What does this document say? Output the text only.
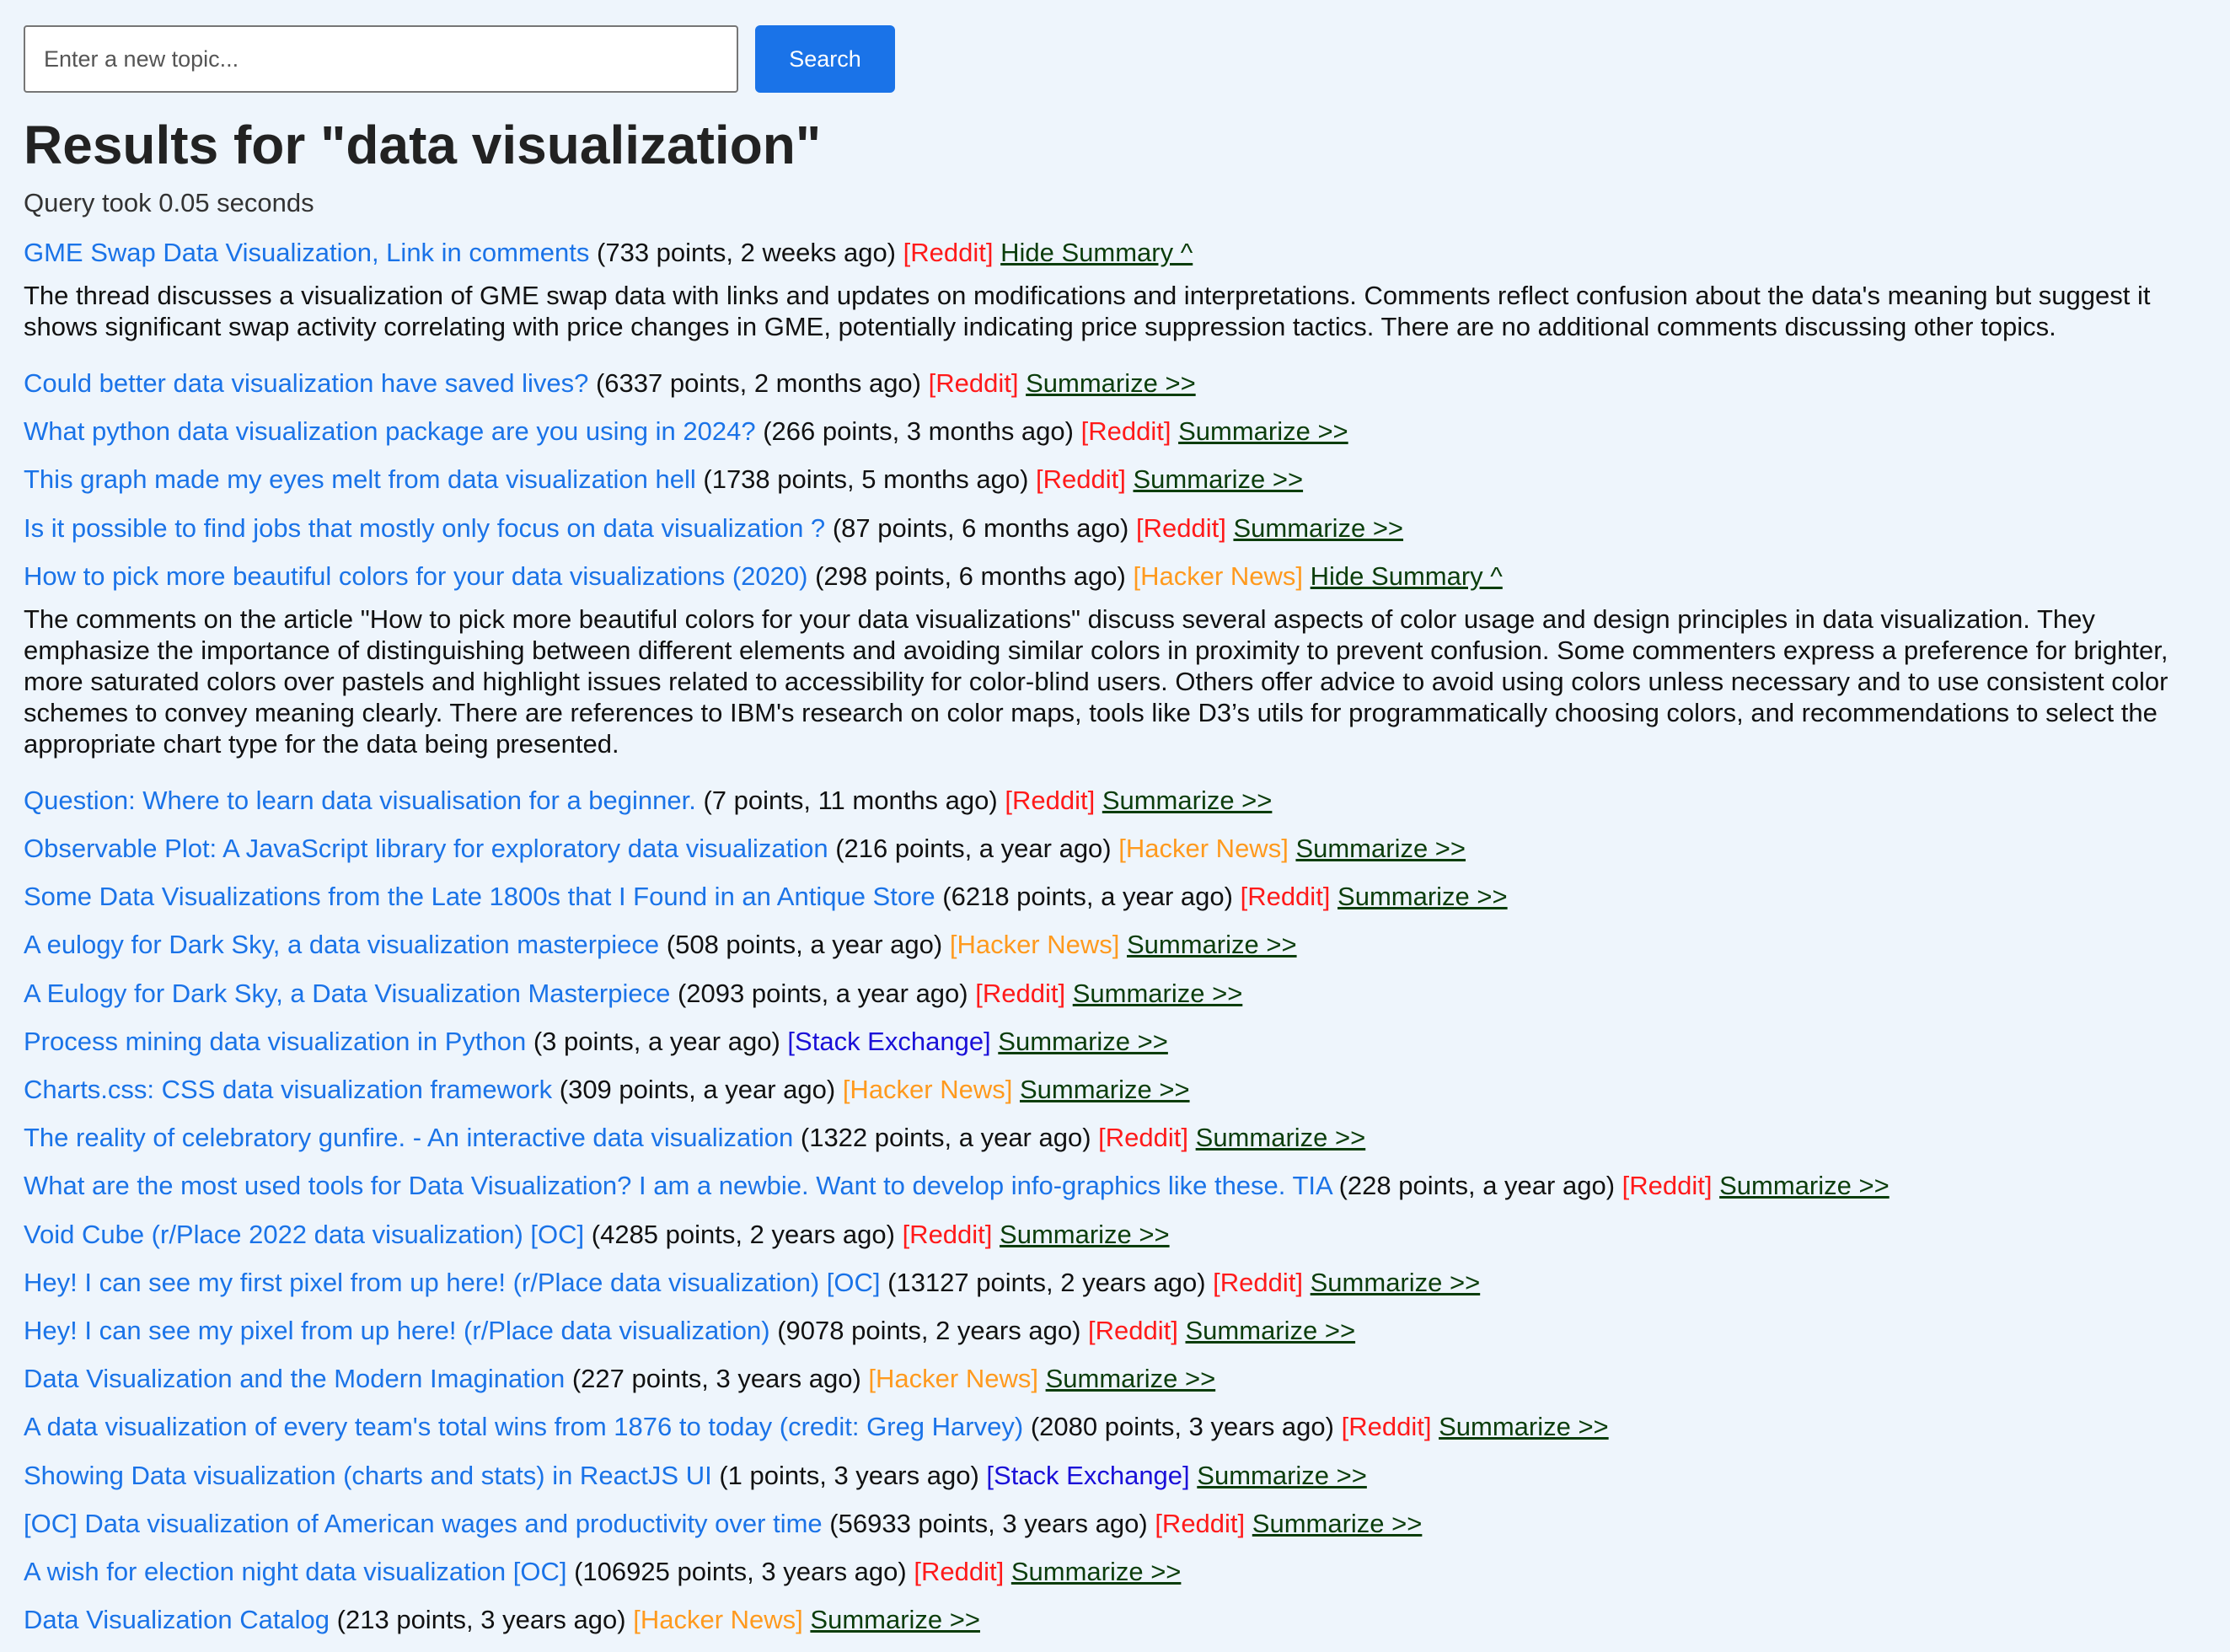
Enter a new topic...
Search
Results for "data visualization"
Query took 0.05 seconds
GME Swap Data Visualization, Link in comments (733 points, 2 weeks ago) [Reddit] Hide Summary ^
The thread discusses a visualization of GME swap data with links and updates on modifications and interpretations. Comments reflect confusion about the data's meaning but suggest it shows significant swap activity correlating with price changes in GME, potentially indicating price suppression tactics. There are no additional comments discussing other topics.
Could better data visualization have saved lives? (6337 points, 2 months ago) [Reddit] Summarize >>
What python data visualization package are you using in 2024? (266 points, 3 months ago) [Reddit] Summarize >>
This graph made my eyes melt from data visualization hell (1738 points, 5 months ago) [Reddit] Summarize >>
Is it possible to find jobs that mostly only focus on data visualization ? (87 points, 6 months ago) [Reddit] Summarize >>
How to pick more beautiful colors for your data visualizations (2020) (298 points, 6 months ago) [Hacker News] Hide Summary ^
The comments on the article "How to pick more beautiful colors for your data visualizations" discuss several aspects of color usage and design principles in data visualization. They emphasize the importance of distinguishing between different elements and avoiding similar colors in proximity to prevent confusion. Some commenters express a preference for brighter, more saturated colors over pastels and highlight issues related to accessibility for color-blind users. Others offer advice to avoid using colors unless necessary and to use consistent color schemes to convey meaning clearly. There are references to IBM's research on color maps, tools like D3’s utils for programmatically choosing colors, and recommendations to select the appropriate chart type for the data being presented.
Question: Where to learn data visualisation for a beginner. (7 points, 11 months ago) [Reddit] Summarize >>
Observable Plot: A JavaScript library for exploratory data visualization (216 points, a year ago) [Hacker News] Summarize >>
Some Data Visualizations from the Late 1800s that I Found in an Antique Store (6218 points, a year ago) [Reddit] Summarize >>
A eulogy for Dark Sky, a data visualization masterpiece (508 points, a year ago) [Hacker News] Summarize >>
A Eulogy for Dark Sky, a Data Visualization Masterpiece (2093 points, a year ago) [Reddit] Summarize >>
Process mining data visualization in Python (3 points, a year ago) [Stack Exchange] Summarize >>
Charts.css: CSS data visualization framework (309 points, a year ago) [Hacker News] Summarize >>
The reality of celebratory gunfire. - An interactive data visualization (1322 points, a year ago) [Reddit] Summarize >>
What are the most used tools for Data Visualization? I am a newbie. Want to develop info-graphics like these. TIA (228 points, a year ago) [Reddit] Summarize >>
Void Cube (r/Place 2022 data visualization) [OC] (4285 points, 2 years ago) [Reddit] Summarize >>
Hey! I can see my first pixel from up here! (r/Place data visualization) [OC] (13127 points, 2 years ago) [Reddit] Summarize >>
Hey! I can see my pixel from up here! (r/Place data visualization) (9078 points, 2 years ago) [Reddit] Summarize >>
Data Visualization and the Modern Imagination (227 points, 3 years ago) [Hacker News] Summarize >>
A data visualization of every team's total wins from 1876 to today (credit: Greg Harvey) (2080 points, 3 years ago) [Reddit] Summarize >>
Showing Data visualization (charts and stats) in ReactJS UI (1 points, 3 years ago) [Stack Exchange] Summarize >>
[OC] Data visualization of American wages and productivity over time (56933 points, 3 years ago) [Reddit] Summarize >>
A wish for election night data visualization [OC] (106925 points, 3 years ago) [Reddit] Summarize >>
Data Visualization Catalog (213 points, 3 years ago) [Hacker News] Summarize >>
